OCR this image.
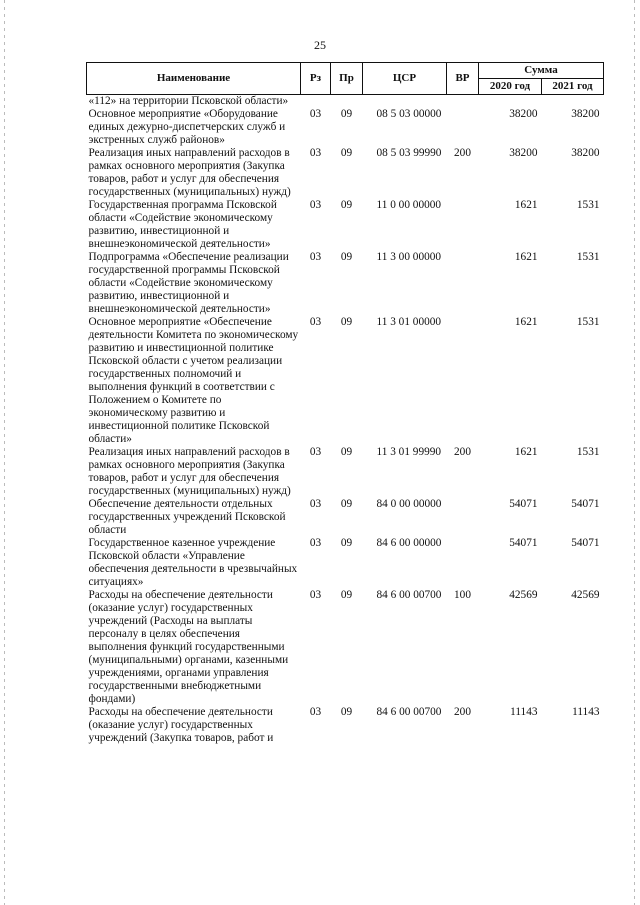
25
Наименование	Рз	Пр	ЦСР	ВР	Сумма	
					2020 год	2021 год
«112» на территории Псковской области»						
Основное мероприятие «Оборудование единых дежурно-диспетчерских служб и экстренных служб районов»	03	09	08 5 03 00000		38200	38200
Реализация иных направлений расходов в рамках основного мероприятия (Закупка товаров, работ и услуг для обеспечения государственных (муниципальных) нужд)	03	09	08 5 03 99990	200	38200	38200
Государственная программа Псковской области «Содействие экономическому развитию, инвестиционной и внешнеэкономической деятельности»	03	09	11 0 00 00000		1621	1531
Подпрограмма «Обеспечение реализации государственной программы Псковской области «Содействие экономическому развитию, инвестиционной и внешнеэкономической деятельности»	03	09	11 3 00 00000		1621	1531
Основное мероприятие «Обеспечение деятельности Комитета по экономическому развитию и инвестиционной политике Псковской области с учетом реализации государственных полномочий и выполнения функций в соответствии с Положением о Комитете по экономическому развитию и инвестиционной политике Псковской области»	03	09	11 3 01 00000		1621	1531
Реализация иных направлений расходов в рамках основного мероприятия (Закупка товаров, работ и услуг для обеспечения государственных (муниципальных) нужд)	03	09	11 3 01 99990	200	1621	1531
Обеспечение деятельности отдельных государственных учреждений Псковской области	03	09	84 0 00 00000		54071	54071
Государственное казенное учреждение Псковской области «Управление обеспечения деятельности в чрезвычайных ситуациях»	03	09	84 6 00 00000		54071	54071
Расходы на обеспечение деятельности (оказание услуг) государственных учреждений (Расходы на выплаты персоналу в целях обеспечения выполнения функций государственными (муниципальными) органами, казенными учреждениями, органами управления государственными внебюджетными фондами)	03	09	84 6 00 00700	100	42569	42569
Расходы на обеспечение деятельности (оказание услуг) государственных учреждений (Закупка товаров, работ и	03	09	84 6 00 00700	200	11143	11143
